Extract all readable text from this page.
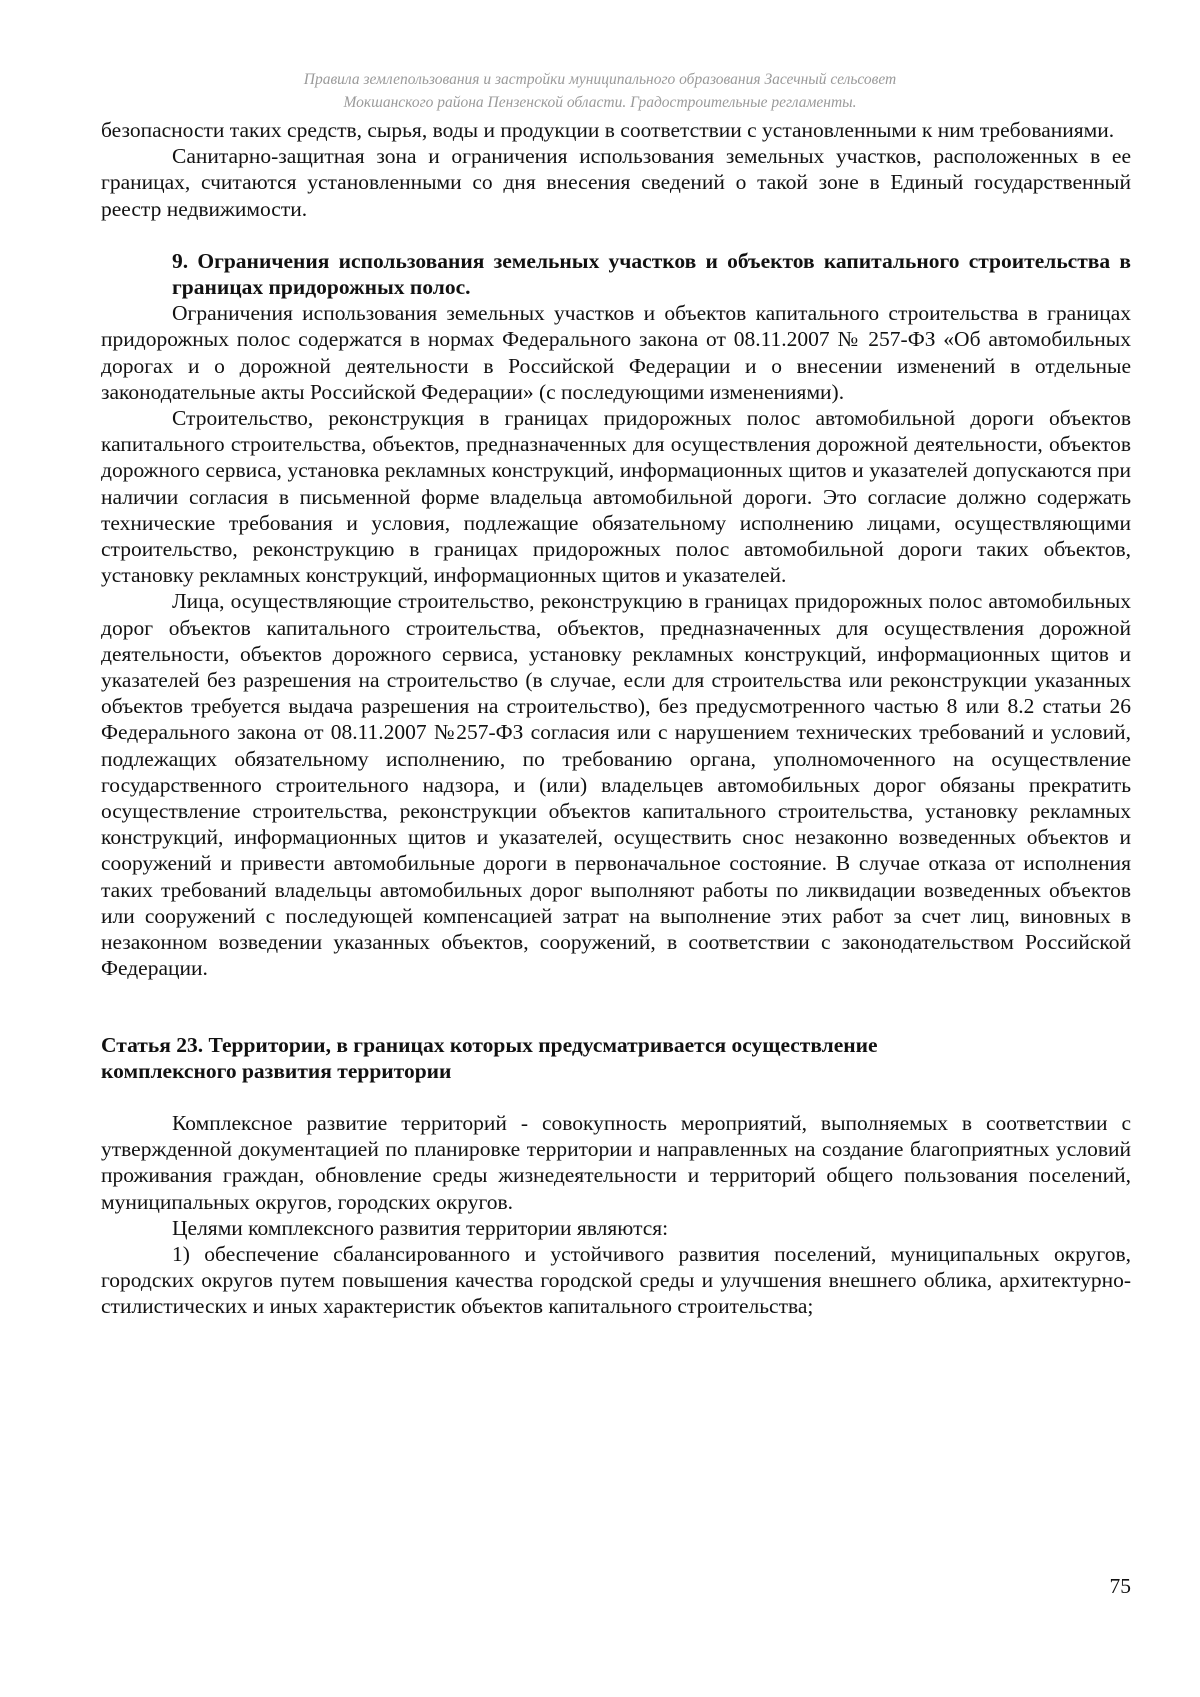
Правила землепользования и застройки муниципального образования Засечный сельсовет
Мокшанского района Пензенской области. Градостроительные регламенты.

безопасности таких средств, сырья, воды и продукции в соответствии с установленными к ним требованиями.

Санитарно-защитная зона и ограничения использования земельных участков, расположенных в ее границах, считаются установленными со дня внесения сведений о такой зоне в Единый государственный реестр недвижимости.

9. Ограничения использования земельных участков и объектов капитального строительства в границах придорожных полос.

Ограничения использования земельных участков и объектов капитального строительства в границах придорожных полос содержатся в нормах Федерального закона от 08.11.2007 № 257-ФЗ «Об автомобильных дорогах и о дорожной деятельности в Российской Федерации и о внесении изменений в отдельные законодательные акты Российской Федерации» (с последующими изменениями).

Строительство, реконструкция в границах придорожных полос автомобильной дороги объектов капитального строительства, объектов, предназначенных для осуществления дорожной деятельности, объектов дорожного сервиса, установка рекламных конструкций, информационных щитов и указателей допускаются при наличии согласия в письменной форме владельца автомобильной дороги. Это согласие должно содержать технические требования и условия, подлежащие обязательному исполнению лицами, осуществляющими строительство, реконструкцию в границах придорожных полос автомобильной дороги таких объектов, установку рекламных конструкций, информационных щитов и указателей.

Лица, осуществляющие строительство, реконструкцию в границах придорожных полос автомобильных дорог объектов капитального строительства, объектов, предназначенных для осуществления дорожной деятельности, объектов дорожного сервиса, установку рекламных конструкций, информационных щитов и указателей без разрешения на строительство (в случае, если для строительства или реконструкции указанных объектов требуется выдача разрешения на строительство), без предусмотренного частью 8 или 8.2 статьи 26 Федерального закона от 08.11.2007 №257-ФЗ согласия или с нарушением технических требований и условий, подлежащих обязательному исполнению, по требованию органа, уполномоченного на осуществление государственного строительного надзора, и (или) владельцев автомобильных дорог обязаны прекратить осуществление строительства, реконструкции объектов капитального строительства, установку рекламных конструкций, информационных щитов и указателей, осуществить снос незаконно возведенных объектов и сооружений и привести автомобильные дороги в первоначальное состояние. В случае отказа от исполнения таких требований владельцы автомобильных дорог выполняют работы по ликвидации возведенных объектов или сооружений с последующей компенсацией затрат на выполнение этих работ за счет лиц, виновных в незаконном возведении указанных объектов, сооружений, в соответствии с законодательством Российской Федерации.

Статья 23. Территории, в границах которых предусматривается осуществление
комплексного развития территории

Комплексное развитие территорий - совокупность мероприятий, выполняемых в соответствии с утвержденной документацией по планировке территории и направленных на создание благоприятных условий проживания граждан, обновление среды жизнедеятельности и территорий общего пользования поселений, муниципальных округов, городских округов.

Целями комплексного развития территории являются:

1) обеспечение сбалансированного и устойчивого развития поселений, муниципальных округов, городских округов путем повышения качества городской среды и улучшения внешнего облика, архитектурно-стилистических и иных характеристик объектов капитального строительства;

75
